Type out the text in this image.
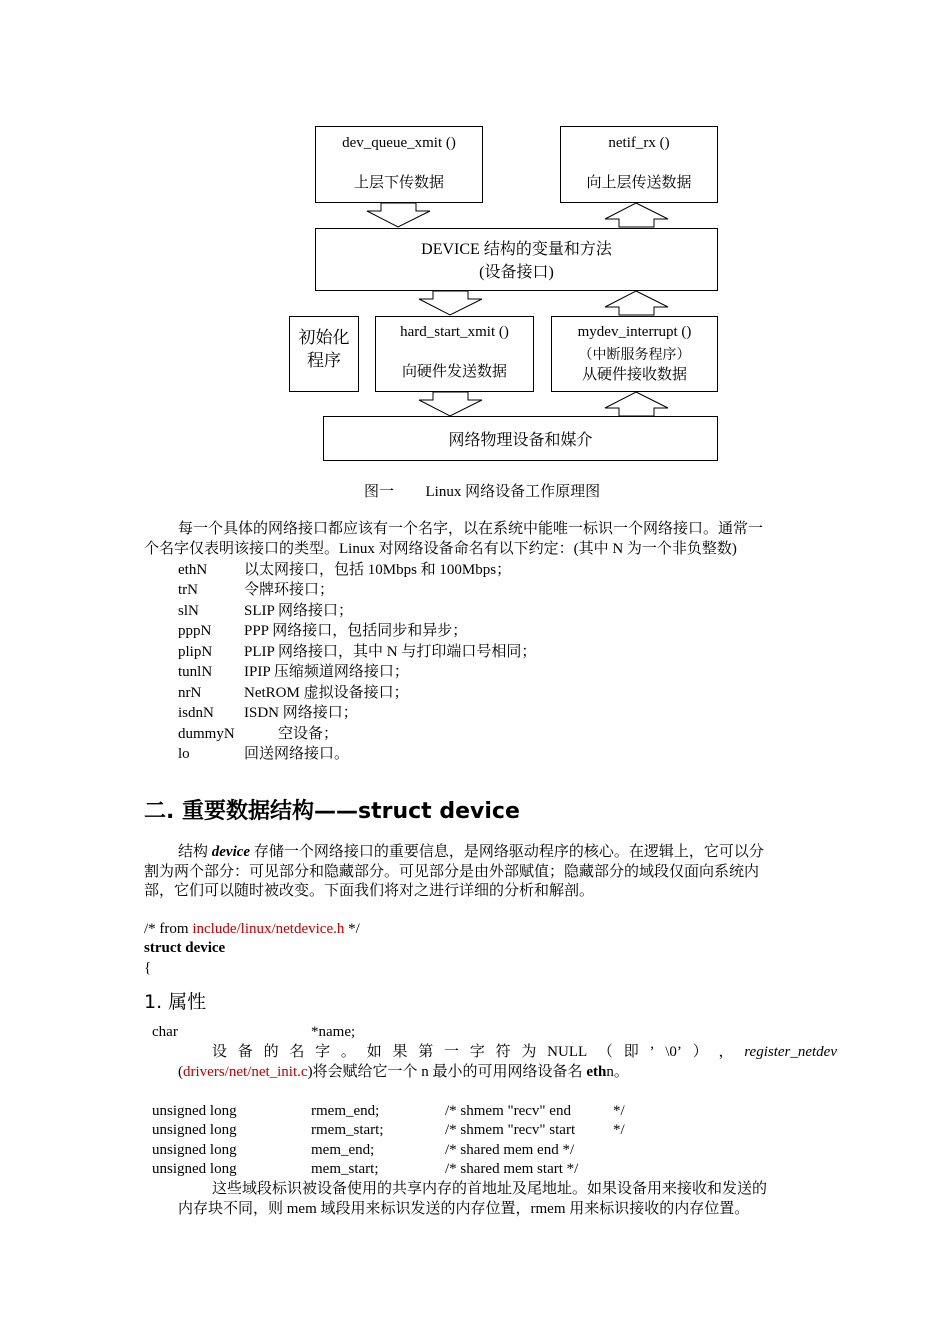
dev_queue_xmit ()
上层下传数据
netif_rx ()
向上层传送数据
DEVICE 结构的变量和方法
(设备接口)
初始化
程序
hard_start_xmit ()
向硬件发送数据
mydev_interrupt ()
（中断服务程序）
从硬件接收数据
网络物理设备和媒介
图一 Linux 网络设备工作原理图
每一个具体的网络接口都应该有一个名字，以在系统中能唯一标识一个网络接口。通常一
个名字仅表明该接口的类型。Linux 对网络设备命名有以下约定：(其中 N 为一个非负整数)
ethN 以太网接口，包括 10Mbps 和 100Mbps；
trN	令牌环接口；
slN	SLIP 网络接口；
pppN PPP 网络接口，包括同步和异步；
plipN PLIP 网络接口，其中 N 与打印端口号相同；
tunlN IPIP 压缩频道网络接口；
nrN	NetROM 虚拟设备接口；
isdnN ISDN 网络接口；
dummyN	空设备；
lo	回送网络接口。
二. 重要数据结构——struct device
结构 device 存储一个网络接口的重要信息，是网络驱动程序的核心。在逻辑上，它可以分
割为两个部分：可见部分和隐藏部分。可见部分是由外部赋值；隐藏部分的域段仅面向系统内
部，它们可以随时被改变。下面我们将对之进行详细的分析和解剖。
/* from include/linux/netdevice.h */
struct device
{
1. 属性
char	*name;
设 备 的 名 字 。 如 果 第 一 字 符 为 NULL （ 即 ’ \0’ ） ， register_netdev
(drivers/net/net_init.c)将会赋给它一个 n 最小的可用网络设备名 ethn。
unsigned long	rmem_end;	/* shmem "recv" end	*/
unsigned long	rmem_start;	/* shmem "recv" start	*/
unsigned long	mem_end;	/* shared mem end */
unsigned long	mem_start;	/* shared mem start */
这些域段标识被设备使用的共享内存的首地址及尾地址。如果设备用来接收和发送的
内存块不同，则 mem 域段用来标识发送的内存位置，rmem 用来标识接收的内存位置。
